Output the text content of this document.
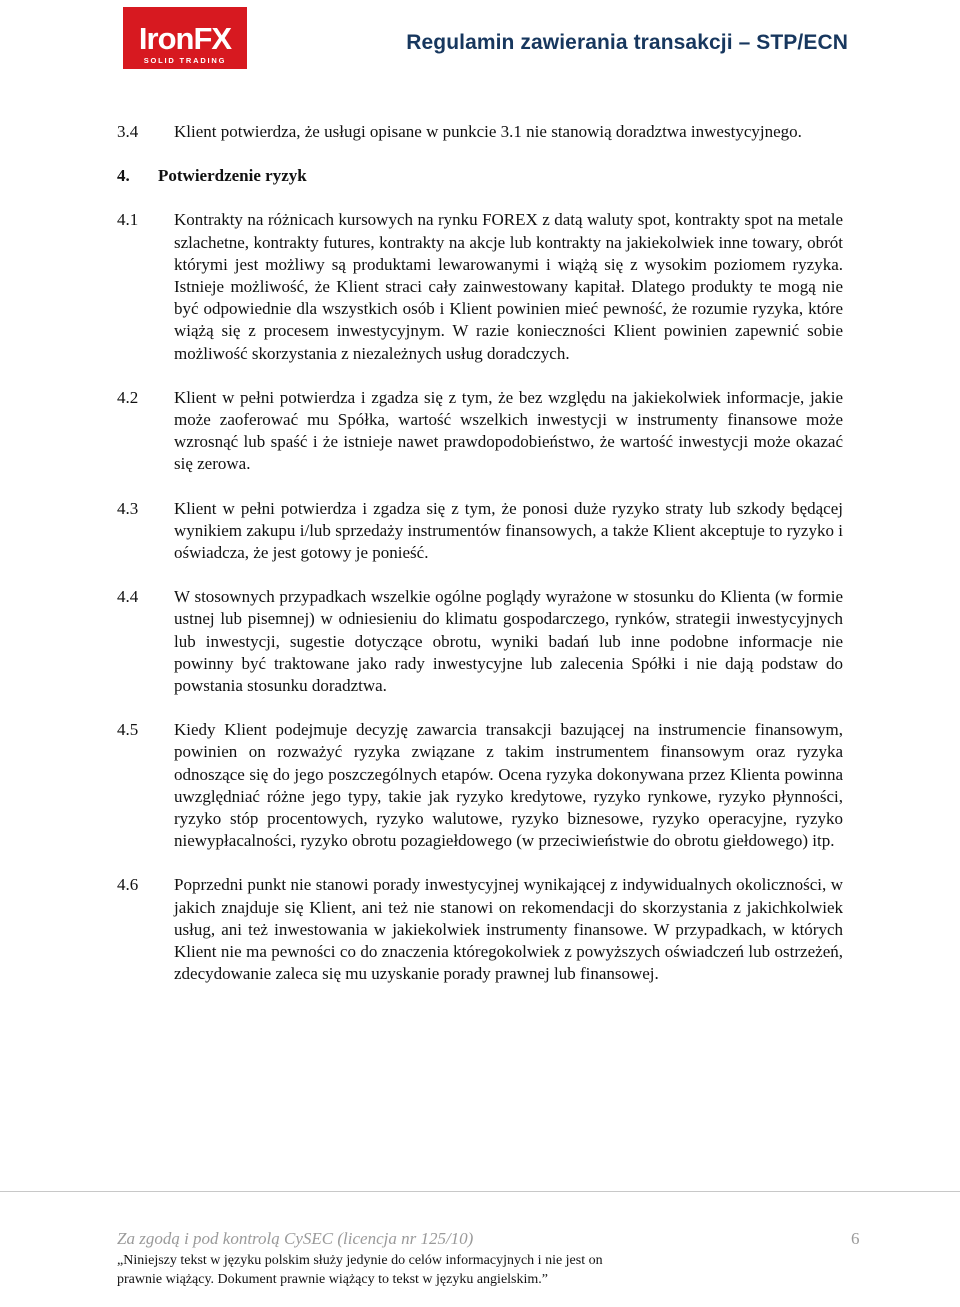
IronFX
SOLID TRADING
Regulamin zawierania transakcji – STP/ECN
3.4	Klient potwierdza, że usługi opisane w punkcie 3.1 nie stanowią doradztwa inwestycyjnego.
4.	Potwierdzenie ryzyk
4.1	Kontrakty na różnicach kursowych na rynku FOREX z datą waluty spot, kontrakty spot na metale szlachetne, kontrakty futures, kontrakty na akcje lub kontrakty na jakiekolwiek inne towary, obrót którymi jest możliwy są produktami lewarowanymi i wiążą się z wysokim poziomem ryzyka. Istnieje możliwość, że Klient straci cały zainwestowany kapitał. Dlatego produkty te mogą nie być odpowiednie dla wszystkich osób i Klient powinien mieć pewność, że rozumie ryzyka, które wiążą się z procesem inwestycyjnym. W razie konieczności Klient powinien zapewnić sobie możliwość skorzystania z niezależnych usług doradczych.
4.2	Klient w pełni potwierdza i zgadza się z tym, że bez względu na jakiekolwiek informacje, jakie może zaoferować mu Spółka, wartość wszelkich inwestycji w instrumenty finansowe może wzrosnąć lub spaść i że istnieje nawet prawdopodobieństwo, że wartość inwestycji może okazać się zerowa.
4.3	Klient w pełni potwierdza i zgadza się z tym, że ponosi duże ryzyko straty lub szkody będącej wynikiem zakupu i/lub sprzedaży instrumentów finansowych, a także Klient akceptuje to ryzyko i oświadcza, że jest gotowy je ponieść.
4.4	W stosownych przypadkach wszelkie ogólne poglądy wyrażone w stosunku do Klienta (w formie ustnej lub pisemnej) w odniesieniu do klimatu gospodarczego, rynków, strategii inwestycyjnych lub inwestycji, sugestie dotyczące obrotu, wyniki badań lub inne podobne informacje nie powinny być traktowane jako rady inwestycyjne lub zalecenia Spółki i nie dają podstaw do powstania stosunku doradztwa.
4.5	Kiedy Klient podejmuje decyzję zawarcia transakcji bazującej na instrumencie finansowym, powinien on rozważyć ryzyka związane z takim instrumentem finansowym oraz ryzyka odnoszące się do jego poszczególnych etapów. Ocena ryzyka dokonywana przez Klienta powinna uwzględniać różne jego typy, takie jak ryzyko kredytowe, ryzyko rynkowe, ryzyko płynności, ryzyko stóp procentowych, ryzyko walutowe, ryzyko biznesowe, ryzyko operacyjne, ryzyko niewypłacalności, ryzyko obrotu pozagiełdowego (w przeciwieństwie do obrotu giełdowego) itp.
4.6	Poprzedni punkt nie stanowi porady inwestycyjnej wynikającej z indywidualnych okoliczności, w jakich znajduje się Klient, ani też nie stanowi on rekomendacji do skorzystania z jakichkolwiek usług, ani też inwestowania w jakiekolwiek instrumenty finansowe. W przypadkach, w których Klient nie ma pewności co do znaczenia któregokolwiek z powyższych oświadczeń lub ostrzeżeń, zdecydowanie zaleca się mu uzyskanie porady prawnej lub finansowej.
Za zgodą i pod kontrolą CySEC (licencja nr 125/10)
„Niniejszy tekst w języku polskim służy jedynie do celów informacyjnych i nie jest on prawnie wiążący. Dokument prawnie wiążący to tekst w języku angielskim.”
6
